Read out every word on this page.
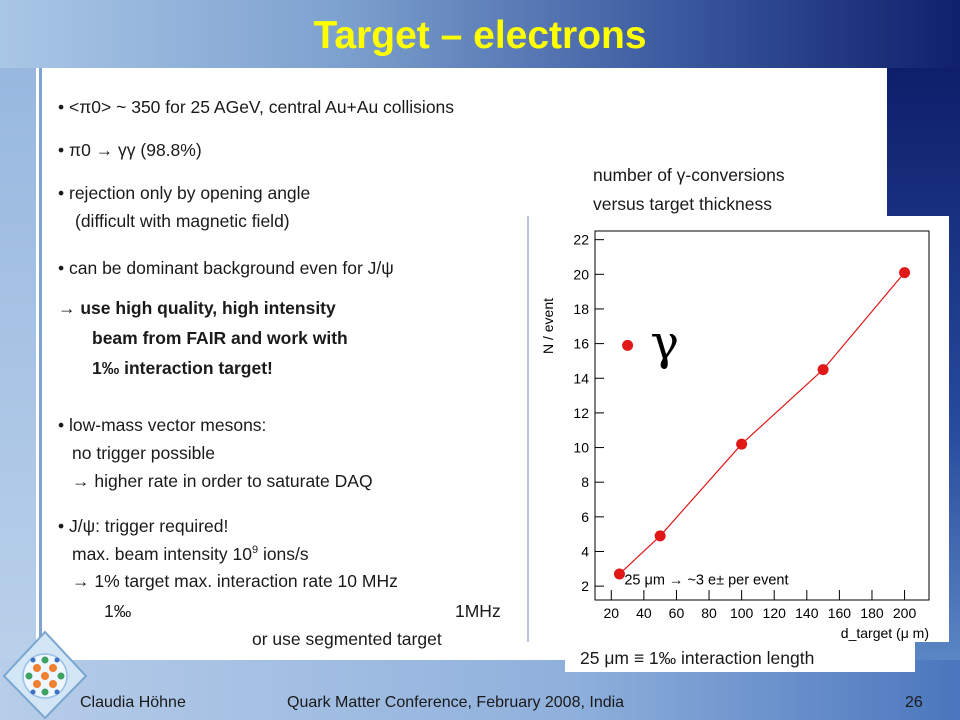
Target – electrons
• <π0> ~ 350 for 25 AGeV, central Au+Au collisions
• π0 → γγ (98.8%)
• rejection only by opening angle
(difficult with magnetic field)
• can be dominant background even for J/ψ
→ use high quality, high intensity
beam from FAIR and work with
1‰ interaction target!
• low-mass vector mesons:
no trigger possible
→ higher rate in order to saturate DAQ
• J/ψ: trigger required!
max. beam intensity $10^9$ ions/s
→ 1% target max. interaction rate 10 MHz
1‰	1MHz
or use segmented target
number of γ-conversions
versus target thickness
2
4
6
8
10
12
14
16
18
20
22
20 40 60 80 100 120 140 160 180 200
N / event
d_target (μ m)
γ
25 μm → ~3 e± per event
25 μm ≡ 1‰ interaction length
Claudia Höhne	Quark Matter Conference, February 2008, India	26
